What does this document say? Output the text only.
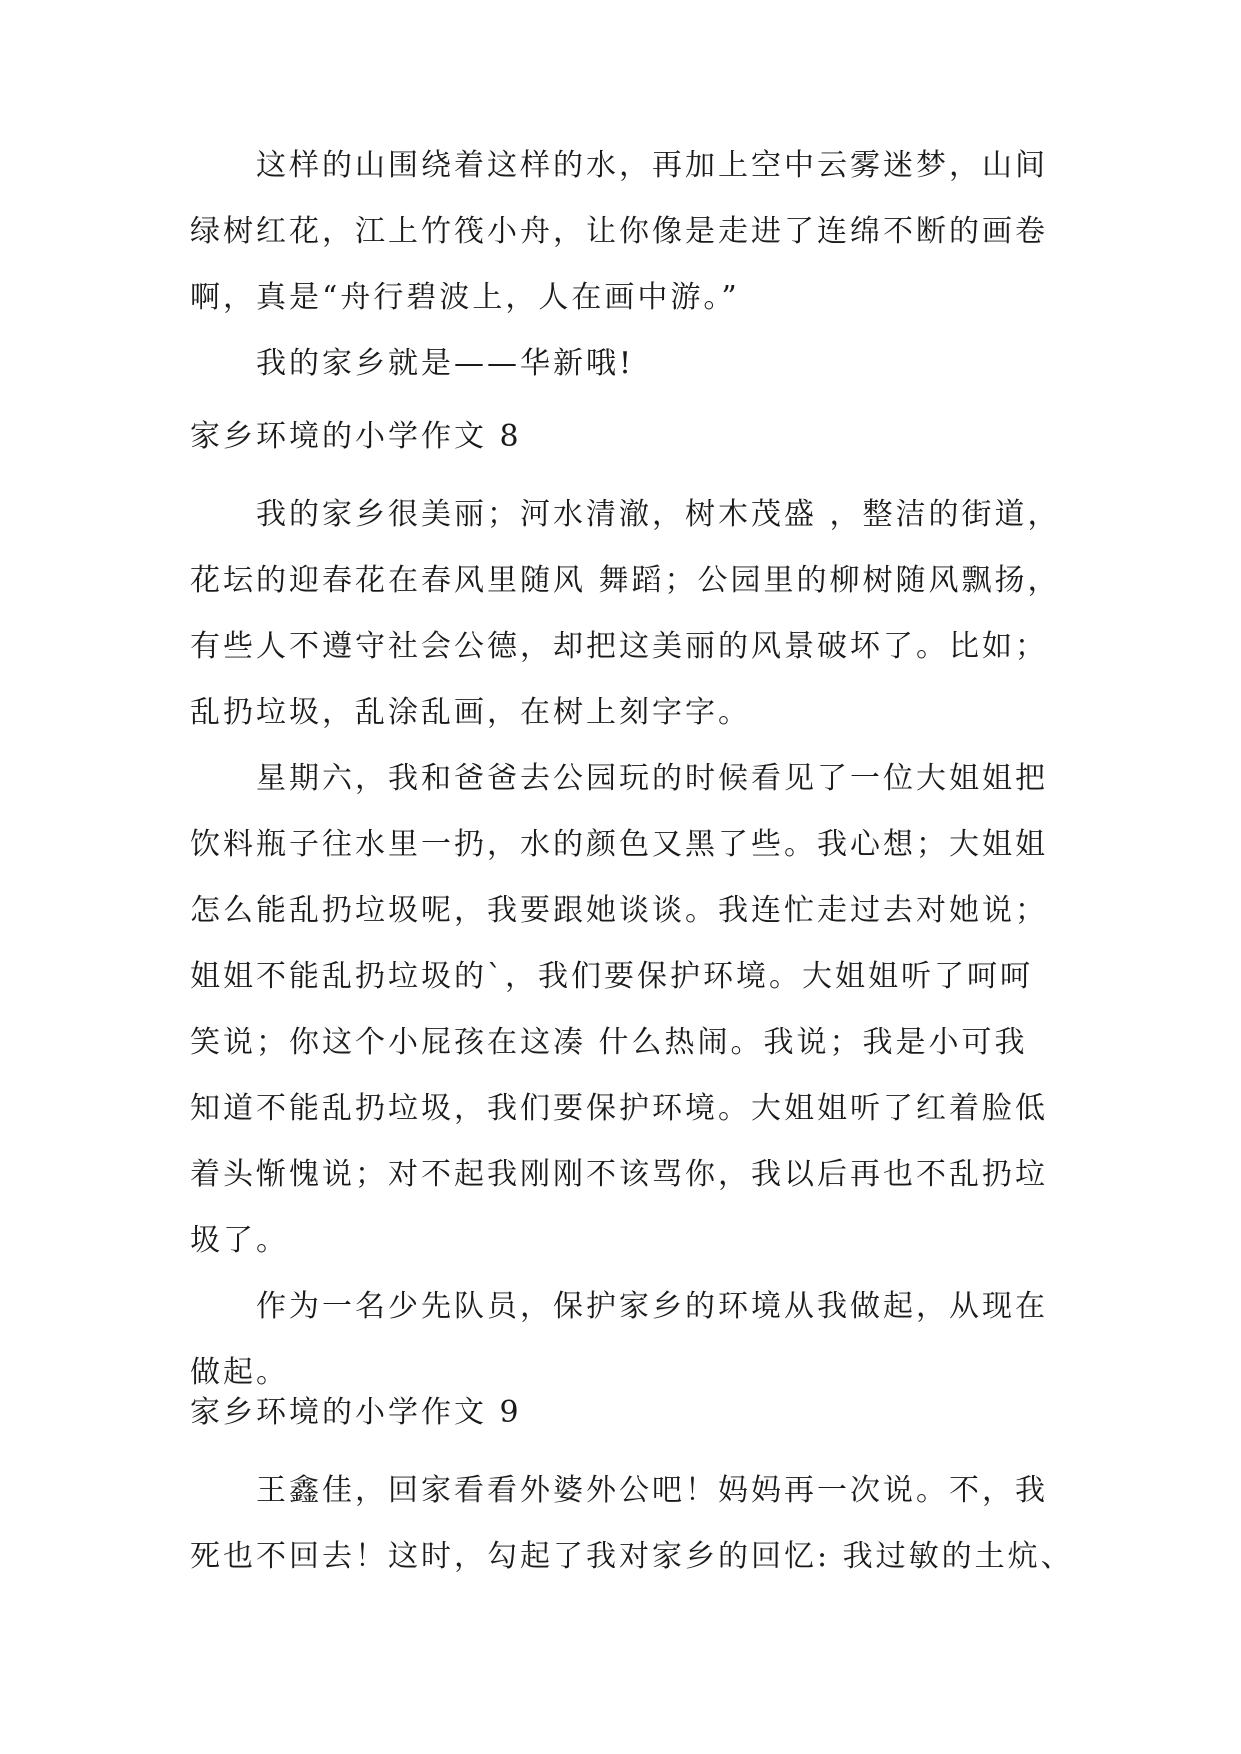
这样的山围绕着这样的水，再加上空中云雾迷梦，山间
绿树红花，江上竹筏小舟，让你像是走进了连绵不断的画卷
啊，真是“舟行碧波上，人在画中游。”
我的家乡就是——华新哦!
家乡环境的小学作文 8
我的家乡很美丽；河水清澈，树木茂盛 ，整洁的街道，
花坛的迎春花在春风里随风 舞蹈；公园里的柳树随风飘扬，
有些人不遵守社会公德，却把这美丽的风景破坏了。比如；
乱扔垃圾，乱涂乱画，在树上刻字字。
星期六，我和爸爸去公园玩的时候看见了一位大姐姐把
饮料瓶子往水里一扔，水的颜色又黑了些。我心想；大姐姐
怎么能乱扔垃圾呢，我要跟她谈谈。我连忙走过去对她说；
姐姐不能乱扔垃圾的`，我们要保护环境。大姐姐听了呵呵
笑说；你这个小屁孩在这凑 什么热闹。我说；我是小可我
知道不能乱扔垃圾，我们要保护环境。大姐姐听了红着脸低
着头惭愧说；对不起我刚刚不该骂你，我以后再也不乱扔垃
圾了。
作为一名少先队员，保护家乡的环境从我做起，从现在
做起。
家乡环境的小学作文 9
王鑫佳，回家看看外婆外公吧！妈妈再一次说。不，我
死也不回去！这时，勾起了我对家乡的回忆: 我过敏的土炕、
